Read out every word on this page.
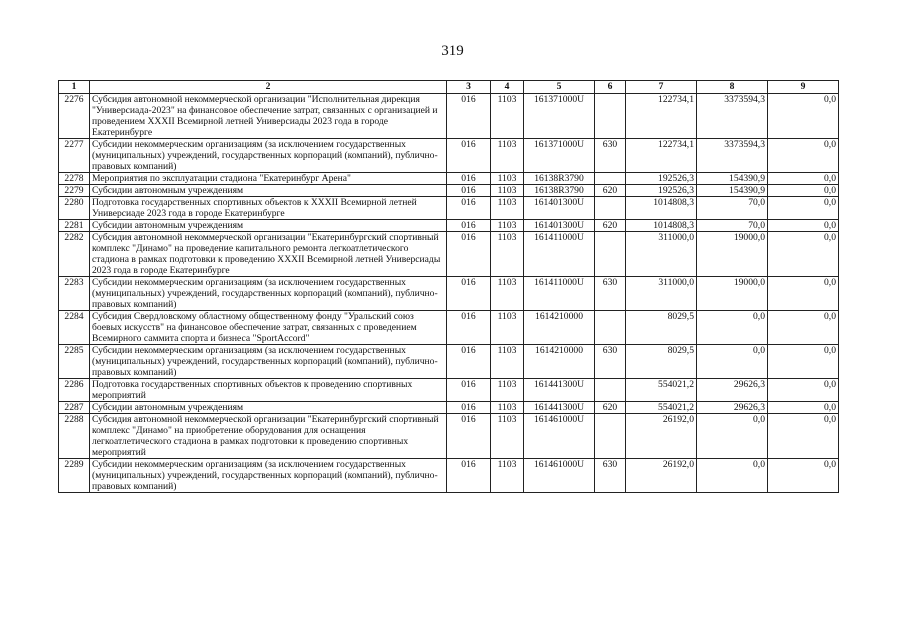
319
1	2	3	4	5	6	7	8	9
2276	Субсидия автономной некоммерческой организации "Исполнительная дирекция "Универсиада-2023" на финансовое обеспечение затрат, связанных с организацией и проведением XXXII Всемирной летней Универсиады 2023 года в городе Екатеринбурге	016	1103	161371000U		122734,1	3373594,3	0,0
2277	Субсидии некоммерческим организациям (за исключением государственных (муниципальных) учреждений, государственных корпораций (компаний), публично-правовых компаний)	016	1103	161371000U	630	122734,1	3373594,3	0,0
2278	Мероприятия по эксплуатации стадиона "Екатеринбург Арена"	016	1103	16138R3790		192526,3	154390,9	0,0
2279	Субсидии автономным учреждениям	016	1103	16138R3790	620	192526,3	154390,9	0,0
2280	Подготовка государственных спортивных объектов к XXXII Всемирной летней Универсиаде 2023 года в городе Екатеринбурге	016	1103	161401300U		1014808,3	70,0	0,0
2281	Субсидии автономным учреждениям	016	1103	161401300U	620	1014808,3	70,0	0,0
2282	Субсидия автономной некоммерческой организации "Екатеринбургский спортивный комплекс "Динамо" на проведение капитального ремонта легкоатлетического стадиона в рамках подготовки к проведению XXXII Всемирной летней Универсиады 2023 года в городе Екатеринбурге	016	1103	161411000U		311000,0	19000,0	0,0
2283	Субсидии некоммерческим организациям (за исключением государственных (муниципальных) учреждений, государственных корпораций (компаний), публично-правовых компаний)	016	1103	161411000U	630	311000,0	19000,0	0,0
2284	Субсидия Свердловскому областному общественному фонду "Уральский союз боевых искусств" на финансовое обеспечение затрат, связанных с проведением Всемирного саммита спорта и бизнеса "SportAccord"	016	1103	1614210000		8029,5	0,0	0,0
2285	Субсидии некоммерческим организациям (за исключением государственных (муниципальных) учреждений, государственных корпораций (компаний), публично-правовых компаний)	016	1103	1614210000	630	8029,5	0,0	0,0
2286	Подготовка государственных спортивных объектов к проведению спортивных мероприятий	016	1103	161441300U		554021,2	29626,3	0,0
2287	Субсидии автономным учреждениям	016	1103	161441300U	620	554021,2	29626,3	0,0
2288	Субсидия автономной некоммерческой организации "Екатеринбургский спортивный комплекс "Динамо" на приобретение оборудования для оснащения легкоатлетического стадиона в рамках подготовки к проведению спортивных мероприятий	016	1103	161461000U		26192,0	0,0	0,0
2289	Субсидии некоммерческим организациям (за исключением государственных (муниципальных) учреждений, государственных корпораций (компаний), публично-правовых компаний)	016	1103	161461000U	630	26192,0	0,0	0,0
